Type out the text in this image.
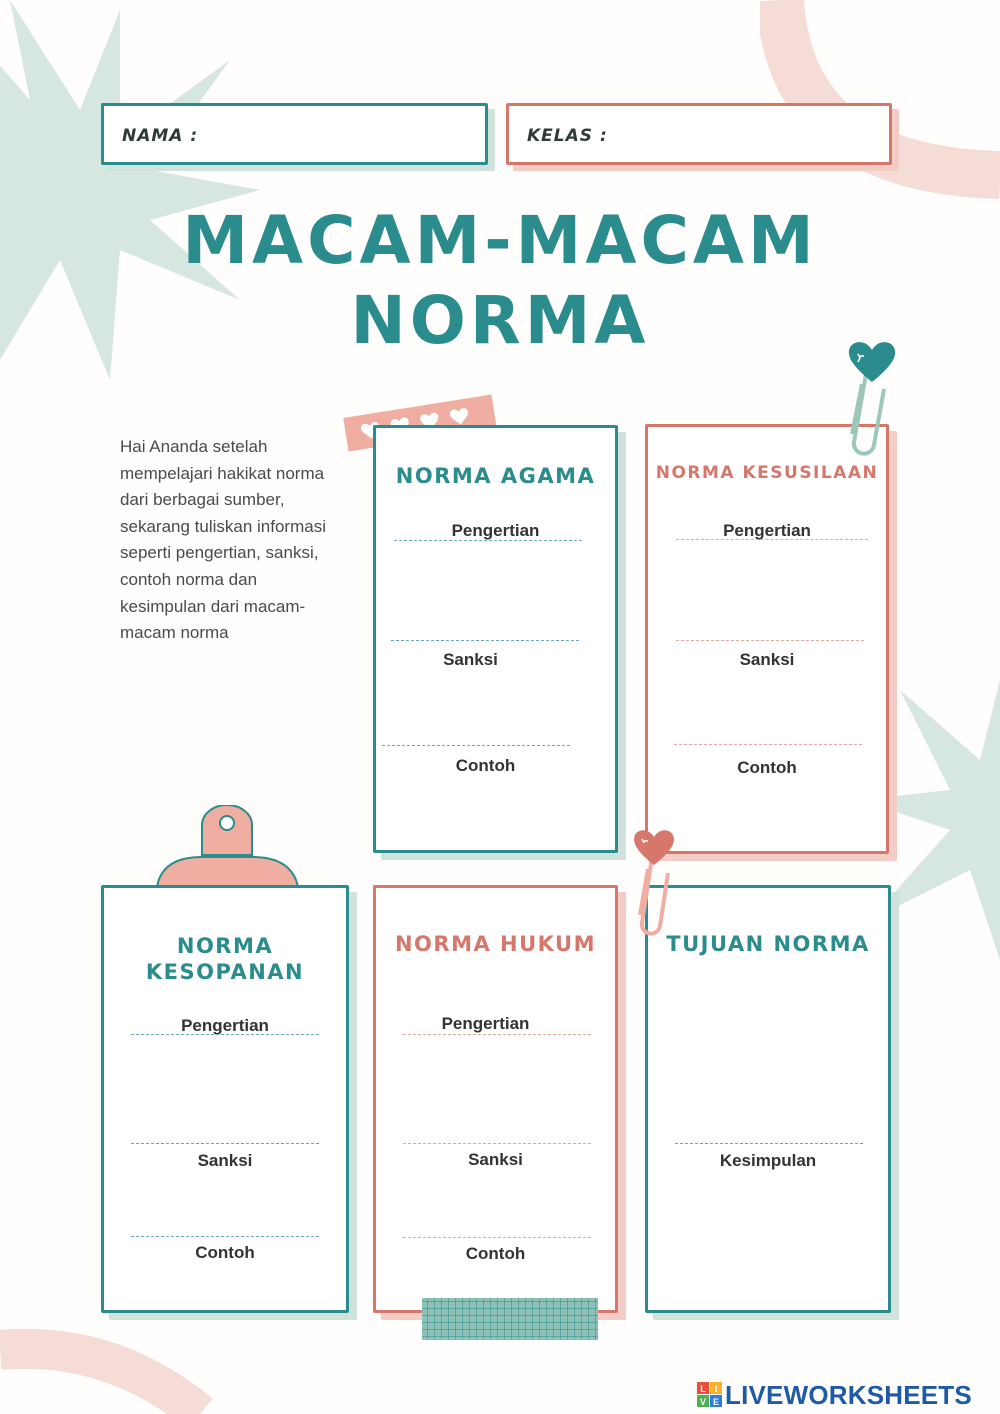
NAMA :	KELAS :
MACAM-MACAM
NORMA
Hai Ananda setelah mempelajari hakikat norma dari berbagai sumber, sekarang tuliskan informasi seperti pengertian, sanksi, contoh norma dan kesimpulan dari macam-macam norma
NORMA AGAMA
Pengertian
Sanksi
Contoh
NORMA KESUSILAAN
Pengertian
Sanksi
Contoh
NORMA
KESOPANAN
Pengertian
Sanksi
Contoh
NORMA HUKUM
Pengertian
Sanksi
Contoh
TUJUAN NORMA
Kesimpulan
L I
V E LIVEWORKSHEETS
